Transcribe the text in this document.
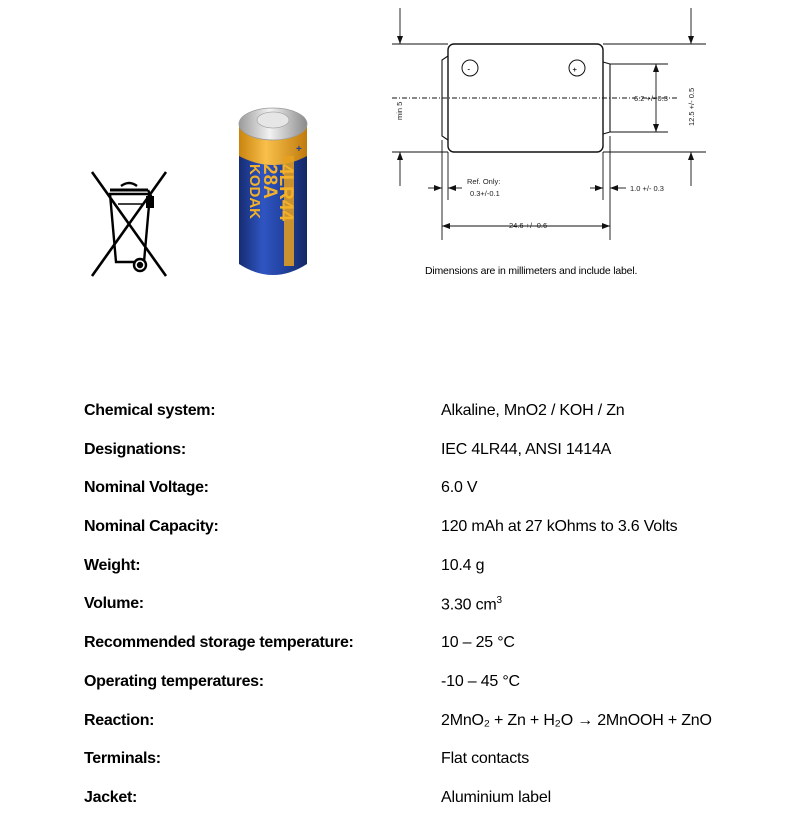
+
4LR44
28A
KODAK
-	+
min 5	12.5 +/- 0.5
6.2 +/- 0.3
Ref. Only:
0.3+/-0.1
1.0 +/- 0.3
24.6 +/- 0.6
Dimensions are in millimeters and include label.
Chemical system:	Alkaline, MnO2 / KOH / Zn
Designations:	IEC 4LR44, ANSI 1414A
Nominal Voltage:	6.0 V
Nominal Capacity:	120 mAh at 27 kOhms to 3.6 Volts
Weight:	10.4 g
Volume:	3.30 $cm^3$
Recommended storage temperature:	10 – 25 °C
Operating temperatures:	-10 – 45 °C
Reaction:	2MnO₂ + Zn + H₂O → 2MnOOH + ZnO
Terminals:	Flat contacts
Jacket:	Aluminium label
